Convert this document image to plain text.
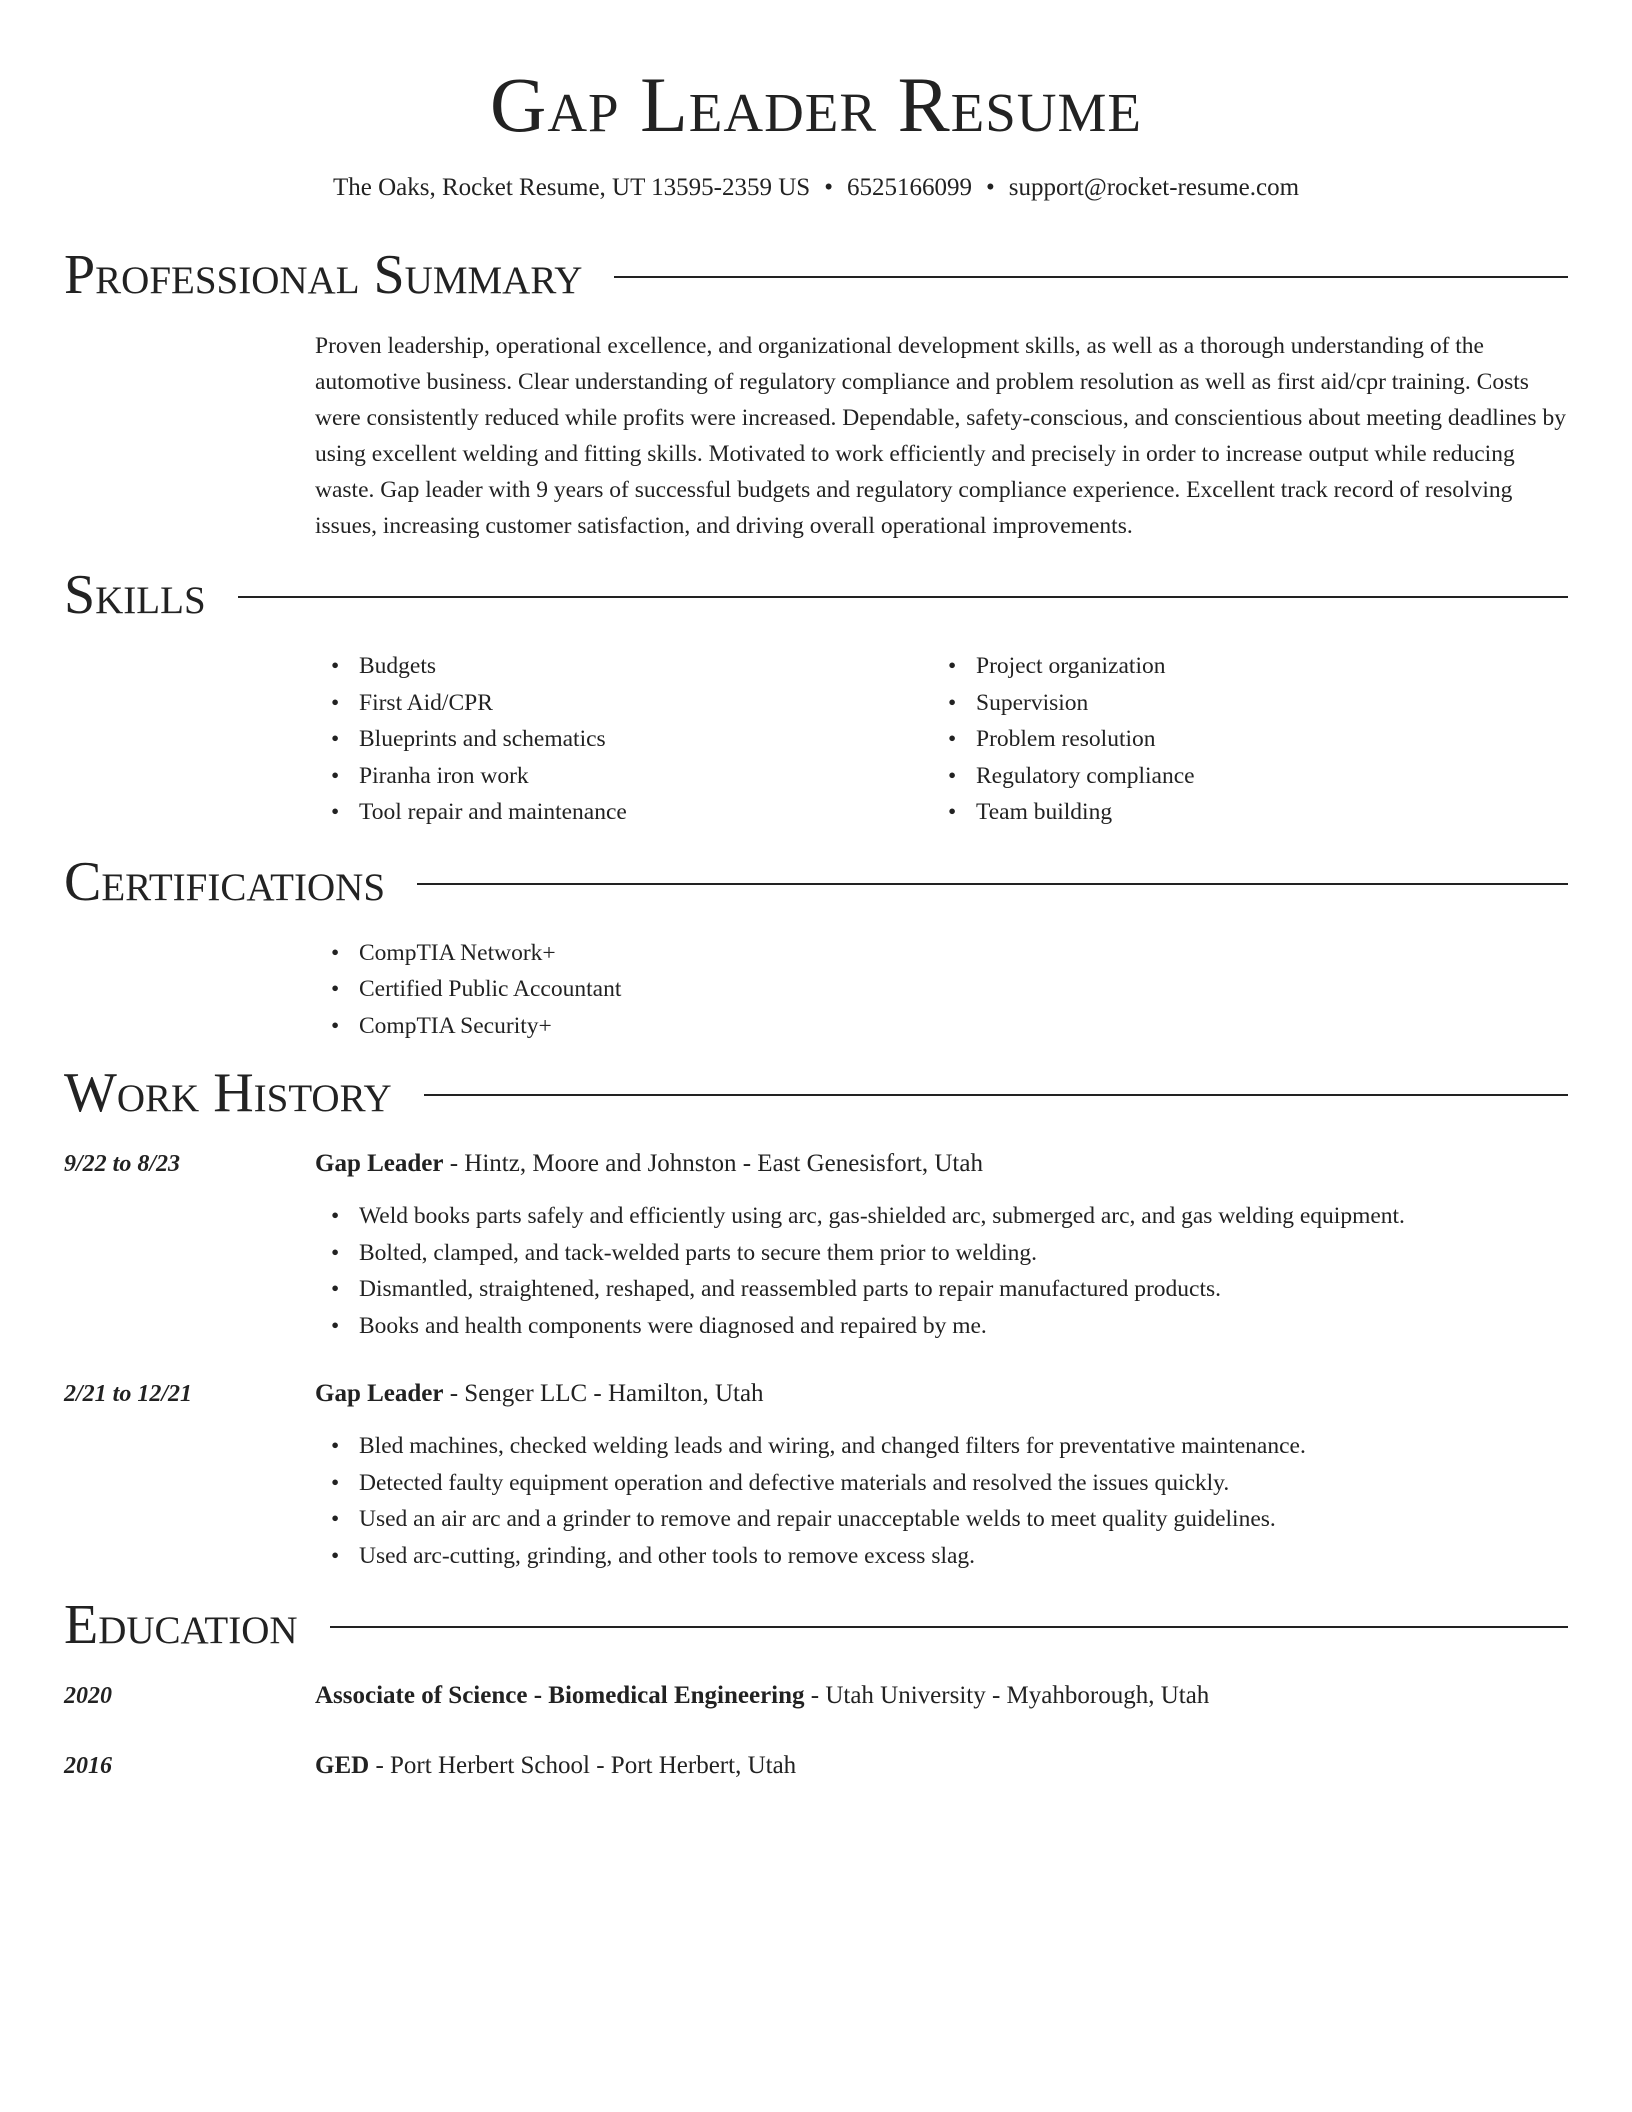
Gap Leader Resume
The Oaks, Rocket Resume, UT 13595-2359 US • 6525166099 • support@rocket-resume.com
Professional Summary

Proven leadership, operational excellence, and organizational development skills, as well as a thorough understanding of the automotive business. Clear understanding of regulatory compliance and problem resolution as well as first aid/cpr training. Costs were consistently reduced while profits were increased. Dependable, safety-conscious, and conscientious about meeting deadlines by using excellent welding and fitting skills. Motivated to work efficiently and precisely in order to increase output while reducing waste. Gap leader with 9 years of successful budgets and regulatory compliance experience. Excellent track record of resolving issues, increasing customer satisfaction, and driving overall operational improvements.

Skills
• Budgets
• First Aid/CPR
• Blueprints and schematics
• Piranha iron work
• Tool repair and maintenance
• Project organization
• Supervision
• Problem resolution
• Regulatory compliance
• Team building
Certifications
• CompTIA Network+
• Certified Public Accountant
• CompTIA Security+
Work History
9/22 to 8/23	Gap Leader - Hintz, Moore and Johnston - East Genesisfort, Utah
• Weld books parts safely and efficiently using arc, gas-shielded arc, submerged arc, and gas welding equipment.
• Bolted, clamped, and tack-welded parts to secure them prior to welding.
• Dismantled, straightened, reshaped, and reassembled parts to repair manufactured products.
• Books and health components were diagnosed and repaired by me.
2/21 to 12/21	Gap Leader - Senger LLC - Hamilton, Utah
• Bled machines, checked welding leads and wiring, and changed filters for preventative maintenance.
• Detected faulty equipment operation and defective materials and resolved the issues quickly.
• Used an air arc and a grinder to remove and repair unacceptable welds to meet quality guidelines.
• Used arc-cutting, grinding, and other tools to remove excess slag.
Education
2020	Associate of Science - Biomedical Engineering - Utah University - Myahborough, Utah
2016	GED - Port Herbert School - Port Herbert, Utah
